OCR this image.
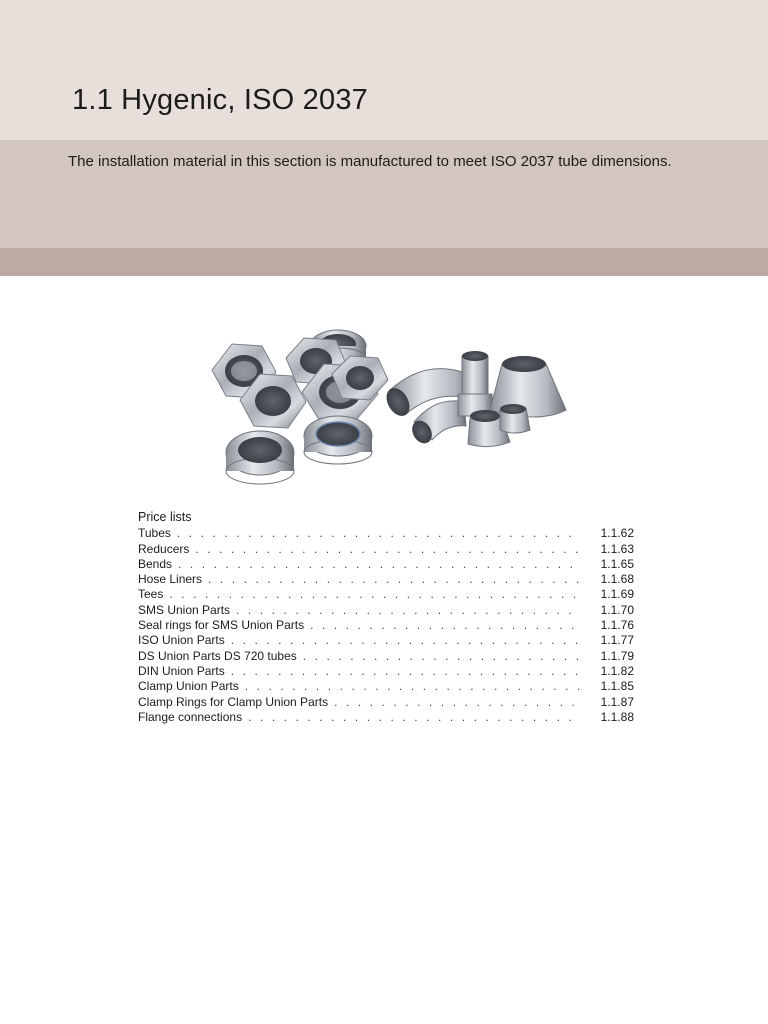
1.1 Hygenic, ISO 2037

The installation material in this section is manufactured to meet ISO 2037 tube dimensions.

Price lists

Tubes . . .	1.1.62
Reducers . . .	1.1.63
Bends . . .	1.1.65
Hose Liners . . .	1.1.68
Tees . . .	1.1.69
SMS Union Parts . . .	1.1.70
Seal rings for SMS Union Parts . . .	1.1.76
ISO Union Parts . . .	1.1.77
DS Union Parts DS 720 tubes . . .	1.1.79
DIN Union Parts . . .	1.1.82
Clamp Union Parts . . .	1.1.85
Clamp Rings for Clamp Union Parts . . .	1.1.87
Flange connections . . .	1.1.88
